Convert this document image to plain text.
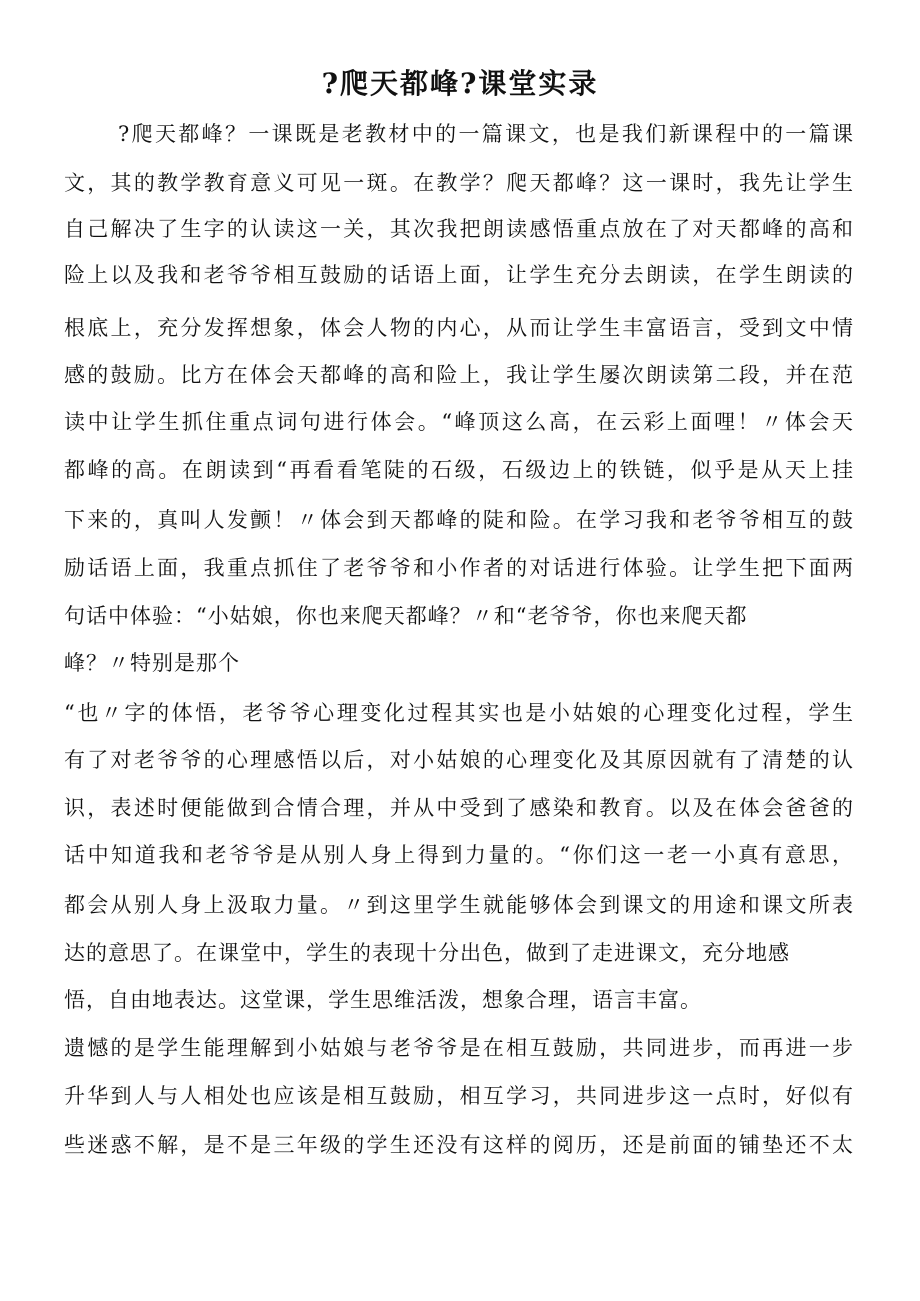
?爬天都峰?课堂实录
?爬天都峰？一课既是老教材中的一篇课文，也是我们新课程中的一篇课
文，其的教学教育意义可见一斑。在教学？爬天都峰？这一课时，我先让学生
自己解决了生字的认读这一关，其次我把朗读感悟重点放在了对天都峰的高和
险上以及我和老爷爷相互鼓励的话语上面，让学生充分去朗读，在学生朗读的
根底上，充分发挥想象，体会人物的内心，从而让学生丰富语言，受到文中情
感的鼓励。比方在体会天都峰的高和险上，我让学生屡次朗读第二段，并在范
读中让学生抓住重点词句进行体会。“峰顶这么高，在云彩上面哩！〃体会天
都峰的高。在朗读到“再看看笔陡的石级，石级边上的铁链，似乎是从天上挂
下来的，真叫人发颤！〃体会到天都峰的陡和险。在学习我和老爷爷相互的鼓
励话语上面，我重点抓住了老爷爷和小作者的对话进行体验。让学生把下面两
句话中体验：“小姑娘，你也来爬天都峰？〃和“老爷爷，你也来爬天都
峰？〃特别是那个
“也〃字的体悟，老爷爷心理变化过程其实也是小姑娘的心理变化过程，学生
有了对老爷爷的心理感悟以后，对小姑娘的心理变化及其原因就有了清楚的认
识，表述时便能做到合情合理，并从中受到了感染和教育。以及在体会爸爸的
话中知道我和老爷爷是从别人身上得到力量的。“你们这一老一小真有意思，
都会从别人身上汲取力量。〃到这里学生就能够体会到课文的用途和课文所表
达的意思了。在课堂中，学生的表现十分出色，做到了走进课文，充分地感
悟，自由地表达。这堂课，学生思维活泼，想象合理，语言丰富。
遗憾的是学生能理解到小姑娘与老爷爷是在相互鼓励，共同进步，而再进一步
升华到人与人相处也应该是相互鼓励，相互学习，共同进步这一点时，好似有
些迷惑不解，是不是三年级的学生还没有这样的阅历，还是前面的铺垫还不太
